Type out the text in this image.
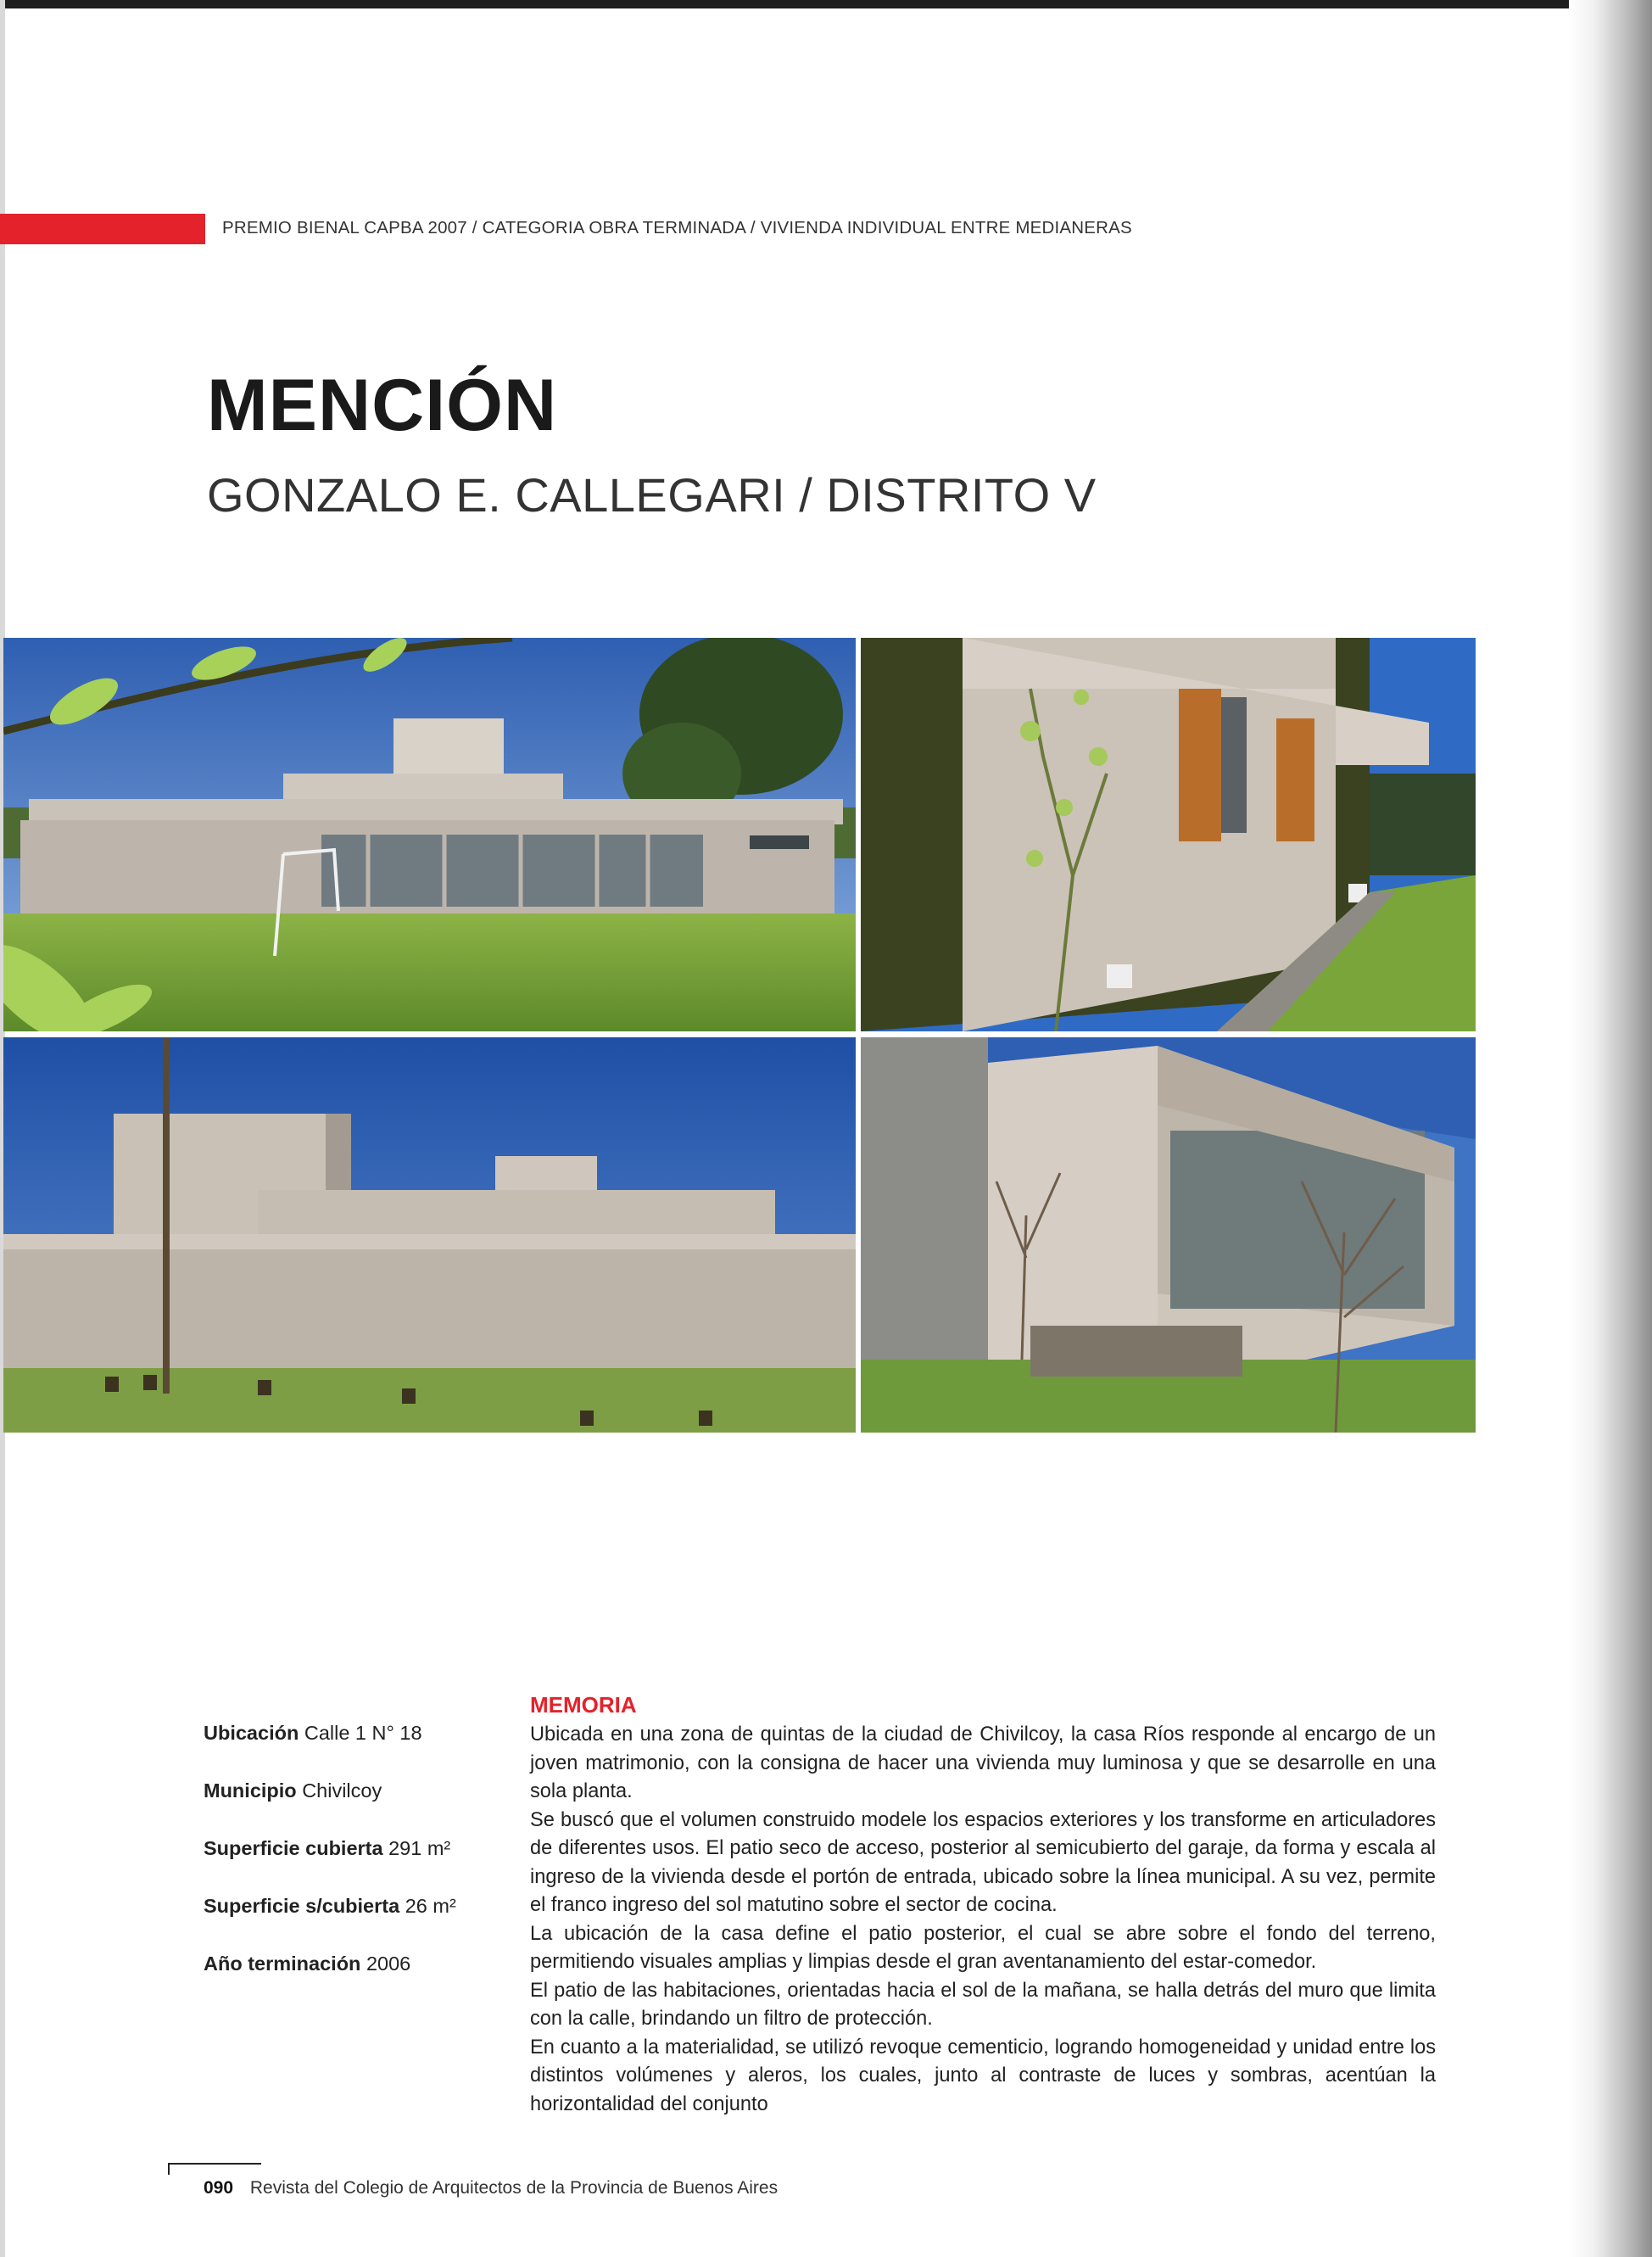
PREMIO BIENAL CAPBA 2007 / CATEGORIA OBRA TERMINADA / VIVIENDA INDIVIDUAL ENTRE MEDIANERAS
MENCIÓN
GONZALO E. CALLEGARI / DISTRITO V
Ubicación Calle 1 N° 18
Municipio Chivilcoy
Superficie cubierta 291 m²
Superficie s/cubierta 26 m²
Año terminación 2006
MEMORIA

Ubicada en una zona de quintas de la ciudad de Chivilcoy, la casa Ríos responde al encargo de un joven matrimonio, con la consigna de hacer una vivienda muy luminosa y que se desarrolle en una sola planta.

Se buscó que el volumen construido modele los espacios exteriores y los transforme en articuladores de diferentes usos. El patio seco de acceso, posterior al semicubierto del garaje, da forma y escala al ingreso de la vivienda desde el portón de entrada, ubicado sobre la línea municipal. A su vez, permite el franco ingreso del sol matutino sobre el sector de cocina.

La ubicación de la casa define el patio posterior, el cual se abre sobre el fondo del terreno, permitiendo visuales amplias y limpias desde el gran aventanamiento del estar-comedor.

El patio de las habitaciones, orientadas hacia el sol de la mañana, se halla detrás del muro que limita con la calle, brindando un filtro de protección.

En cuanto a la materialidad, se utilizó revoque cementicio, logrando homogeneidad y unidad entre los distintos volúmenes y aleros, los cuales, junto al contraste de luces y sombras, acentúan la horizontalidad del conjunto

090 Revista del Colegio de Arquitectos de la Provincia de Buenos Aires
